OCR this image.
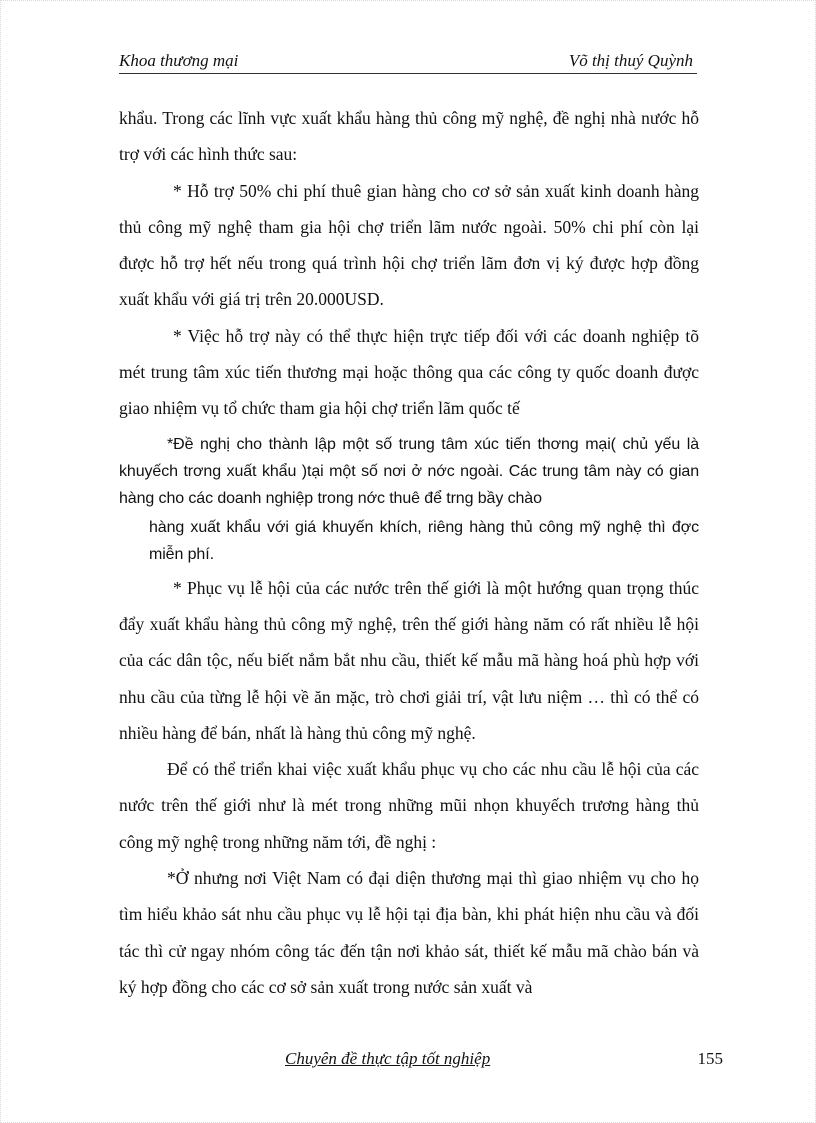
Khoa thương mại	Võ thị thuý Quỳnh

khẩu. Trong các lĩnh vực xuất khẩu hàng thủ công mỹ nghệ, đề nghị nhà nước hỗ trợ với các hình thức sau:

* Hỗ trợ 50% chi phí thuê gian hàng cho cơ sở sản xuất kinh doanh hàng thủ công mỹ nghệ tham gia hội chợ triển lãm nước ngoài. 50% chi phí còn lại được hỗ trợ hết nếu trong quá trình hội chợ triển lãm đơn vị ký được hợp đồng xuất khẩu với giá trị trên 20.000USD.

* Việc hỗ trợ này có thể thực hiện trực tiếp đối với các doanh nghiệp tõ mét trung tâm xúc tiến thương mại hoặc thông qua các công ty quốc doanh được giao nhiệm vụ tổ chức tham gia hội chợ triển lãm quốc tế

*Đề nghị cho thành lập một số trung tâm xúc tiến thơng mại( chủ yếu là khuyếch trơng xuất khẩu )tại một số nơi ở nớc ngoài. Các trung tâm này có gian hàng cho các doanh nghiệp trong nớc thuê để trng bầy chào

hàng xuất khẩu với giá khuyến khích, riêng hàng thủ công mỹ nghệ thì đợc miễn phí.

* Phục vụ lễ hội của các nước trên thế giới là một hướng quan trọng thúc đẩy xuất khẩu hàng thủ công mỹ nghệ, trên thế giới hàng năm có rất nhiều lễ hội của các dân tộc, nếu biết nắm bắt nhu cầu, thiết kế mẫu mã hàng hoá phù hợp với nhu cầu của từng lễ hội về ăn mặc, trò chơi giải trí, vật lưu niệm … thì có thể có nhiều hàng để bán, nhất là hàng thủ công mỹ nghệ.

Để có thể triển khai việc xuất khẩu phục vụ cho các nhu cầu lễ hội của các nước trên thế giới như là mét trong những mũi nhọn khuyếch trương hàng thủ công mỹ nghệ trong những năm tới, đề nghị :

*Ở nhưng nơi Việt Nam có đại diện thương mại thì giao nhiệm vụ cho họ tìm hiểu khảo sát nhu cầu phục vụ lễ hội tại địa bàn, khi phát hiện nhu cầu và đối tác thì cử ngay nhóm công tác đến tận nơi khảo sát, thiết kế mẫu mã chào bán và ký hợp đồng cho các cơ sở sản xuất trong nước sản xuất và

Chuyên đề thực tập tốt nghiệp	155
